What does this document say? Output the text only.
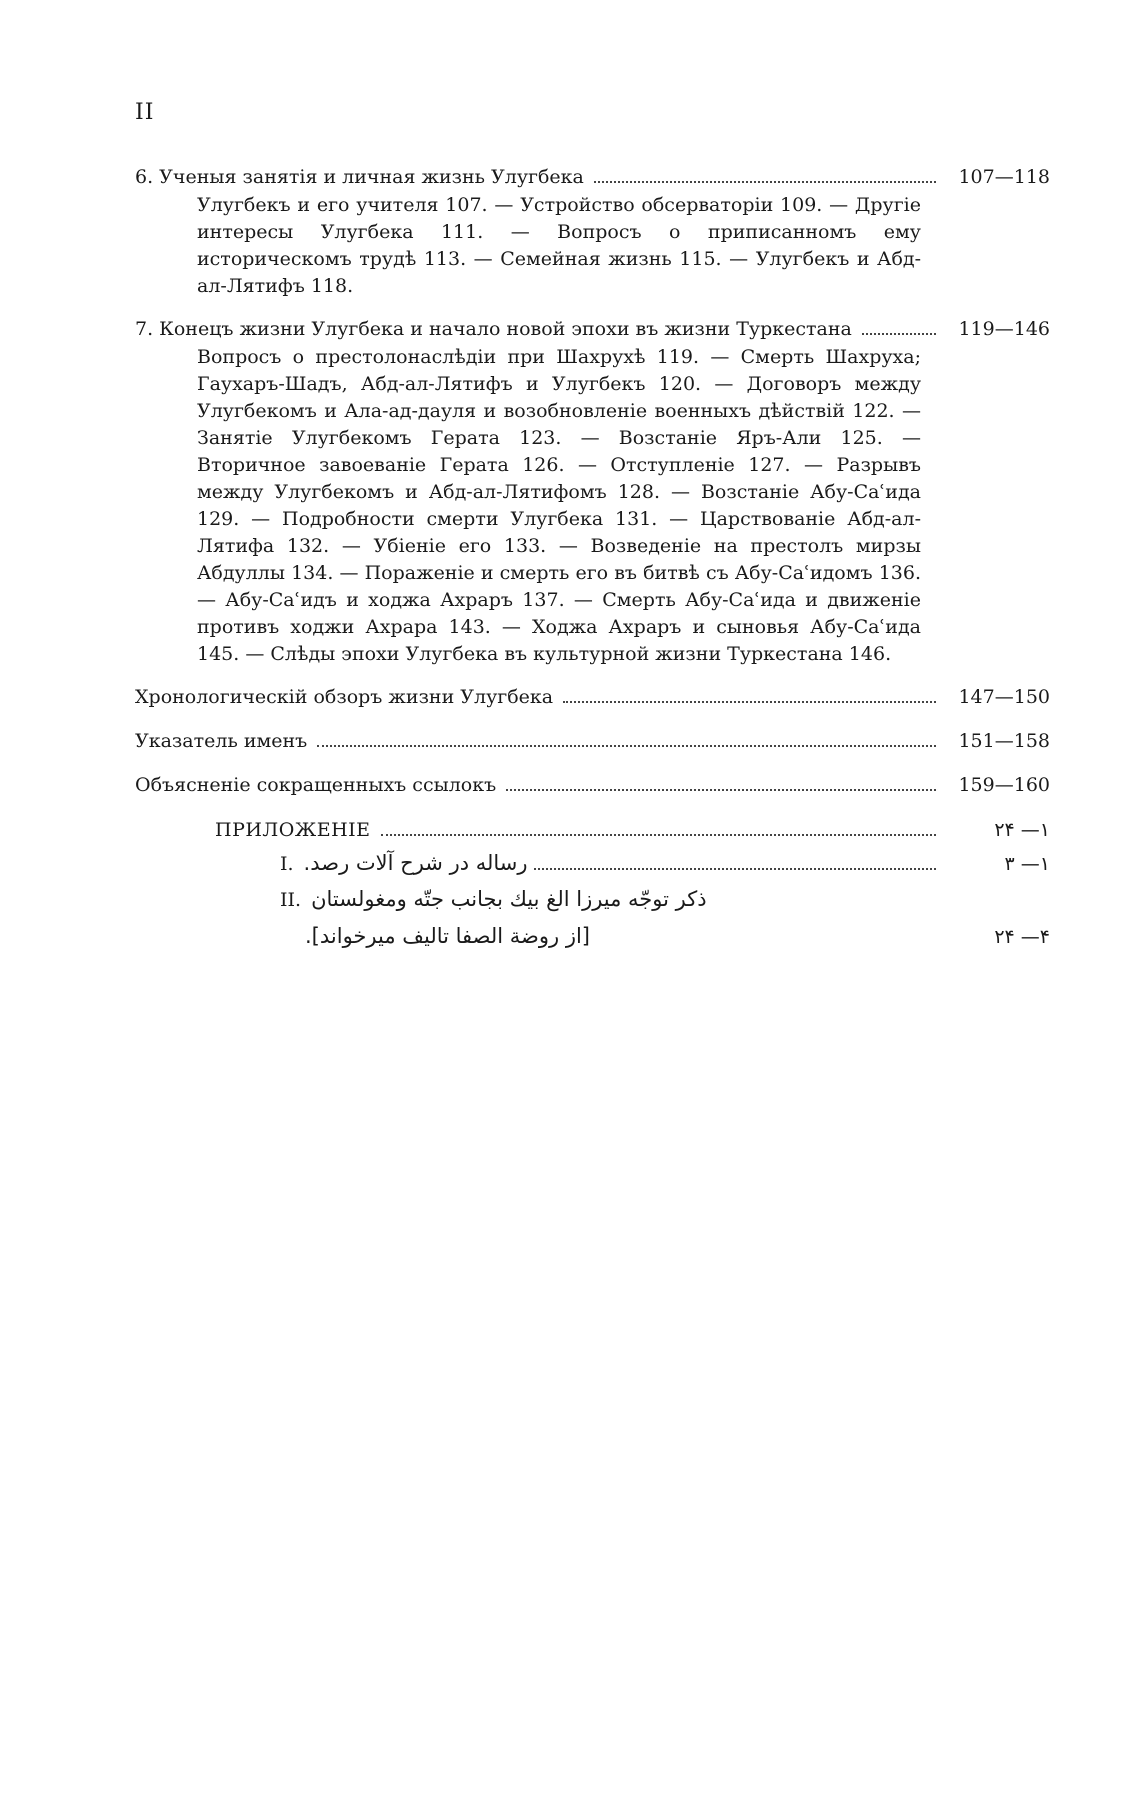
II
6. Ученыя занятія и личная жизнь Улугбека	107—118
Улугбекъ и его учителя 107. — Устройство обсерваторіи 109. — Другіе интересы Улугбека 111. — Вопросъ о приписанномъ ему историческомъ трудѣ 113. — Семейная жизнь 115. — Улугбекъ и Абд-ал-Лятифъ 118.
7. Конецъ жизни Улугбека и начало новой эпохи въ жизни Туркестана	119—146
Вопросъ о престолонаслѣдіи при Шахрухѣ 119. — Смерть Шахруха; Гаухаръ-Шадъ, Абд-ал-Лятифъ и Улугбекъ 120. — Договоръ между Улугбекомъ и Ала-ад-дауля и возобновленіе военныхъ дѣйствій 122. — Занятіе Улугбекомъ Герата 123. — Возстаніе Яръ-Али 125. — Вторичное завоеваніе Герата 126. — Отступленіе 127. — Разрывъ между Улугбекомъ и Абд-ал-Лятифомъ 128. — Возстаніе Абу-Саʿида 129. — Подробности смерти Улугбека 131. — Царствованіе Абд-ал-Лятифа 132. — Убіеніе его 133. — Возведеніе на престолъ мирзы Абдуллы 134. — Пораженіе и смерть его въ битвѣ съ Абу-Саʿидомъ 136. — Абу-Саʿидъ и ходжа Ахраръ 137. — Смерть Абу-Саʿида и движеніе противъ ходжи Ахрара 143. — Ходжа Ахраръ и сыновья Абу-Саʿида 145. — Слѣды эпохи Улугбека въ культурной жизни Туркестана 146.
Хронологическій обзоръ жизни Улугбека	147—150
Указатель именъ	151—158
Объясненіе сокращенныхъ ссылокъ	159—160
ПРИЛОЖЕНІЕ	۱— ۲۴
I. رساله در شرح آلات رصد.	۱— ۳
II. ذکر توجّه میرزا الغ بیك بجانب جتّه ومغولستان
[از روضة الصفا تالیف میرخواند].	۴— ۲۴
